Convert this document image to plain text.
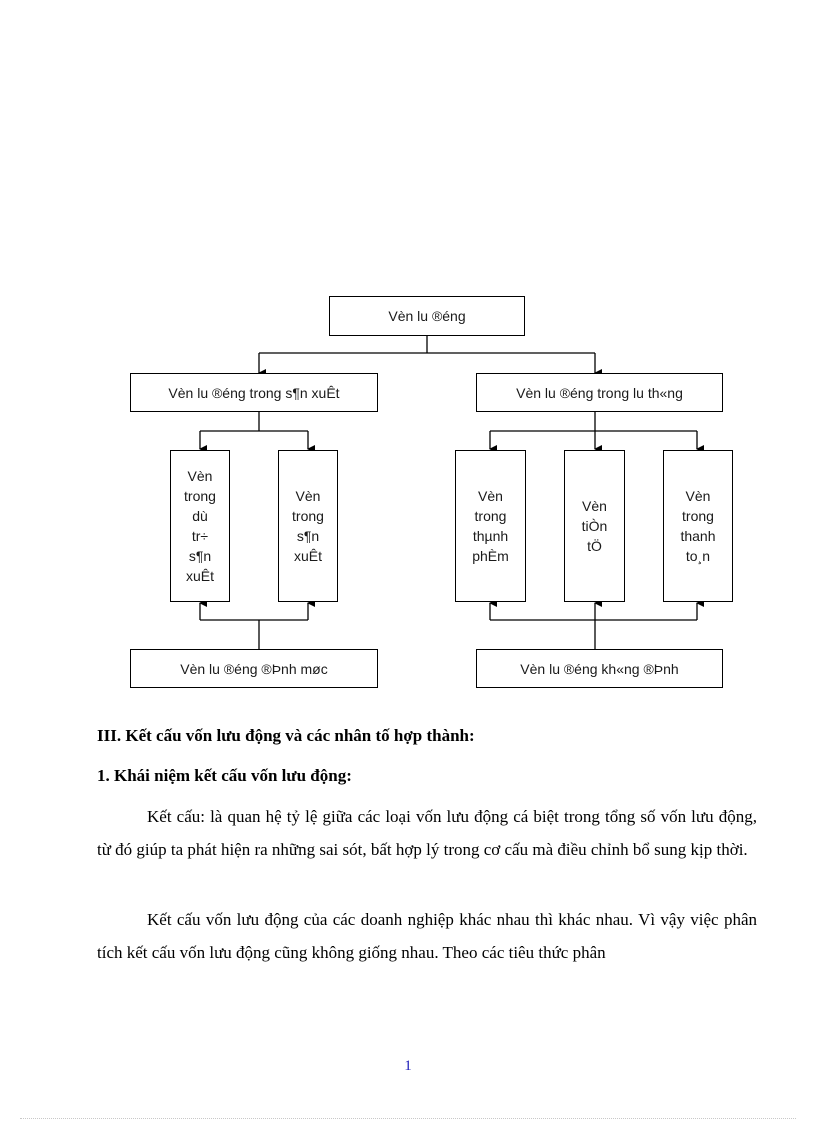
Vèn lu ®éng
Vèn lu ®éng trong s¶n xuÊt	Vèn lu ®éng trong lu th«ng
Vèn
trong
dù
tr÷
s¶n
xuÊt
Vèn
trong
s¶n
xuÊt
Vèn
trong
thµnh
phÈm
Vèn
tiÒn
tÖ
Vèn
trong
thanh
to¸n
Vèn lu ®éng ®Þnh møc	Vèn lu ®éng kh«ng ®Þnh
III. Kết cấu vốn lưu động và các nhân tố hợp thành:
1. Khái niệm kết cấu vốn lưu động:
Kết cấu: là quan hệ tỷ lệ giữa các loại vốn lưu động cá biệt trong tổng số vốn lưu động, từ đó giúp ta phát hiện ra những sai sót, bất hợp lý trong cơ cấu mà điều chỉnh bổ sung kịp thời.
Kết cấu vốn lưu động của các doanh nghiệp khác nhau thì khác nhau. Vì vậy việc phân tích kết cấu vốn lưu động cũng không giống nhau. Theo các tiêu thức phân
1
